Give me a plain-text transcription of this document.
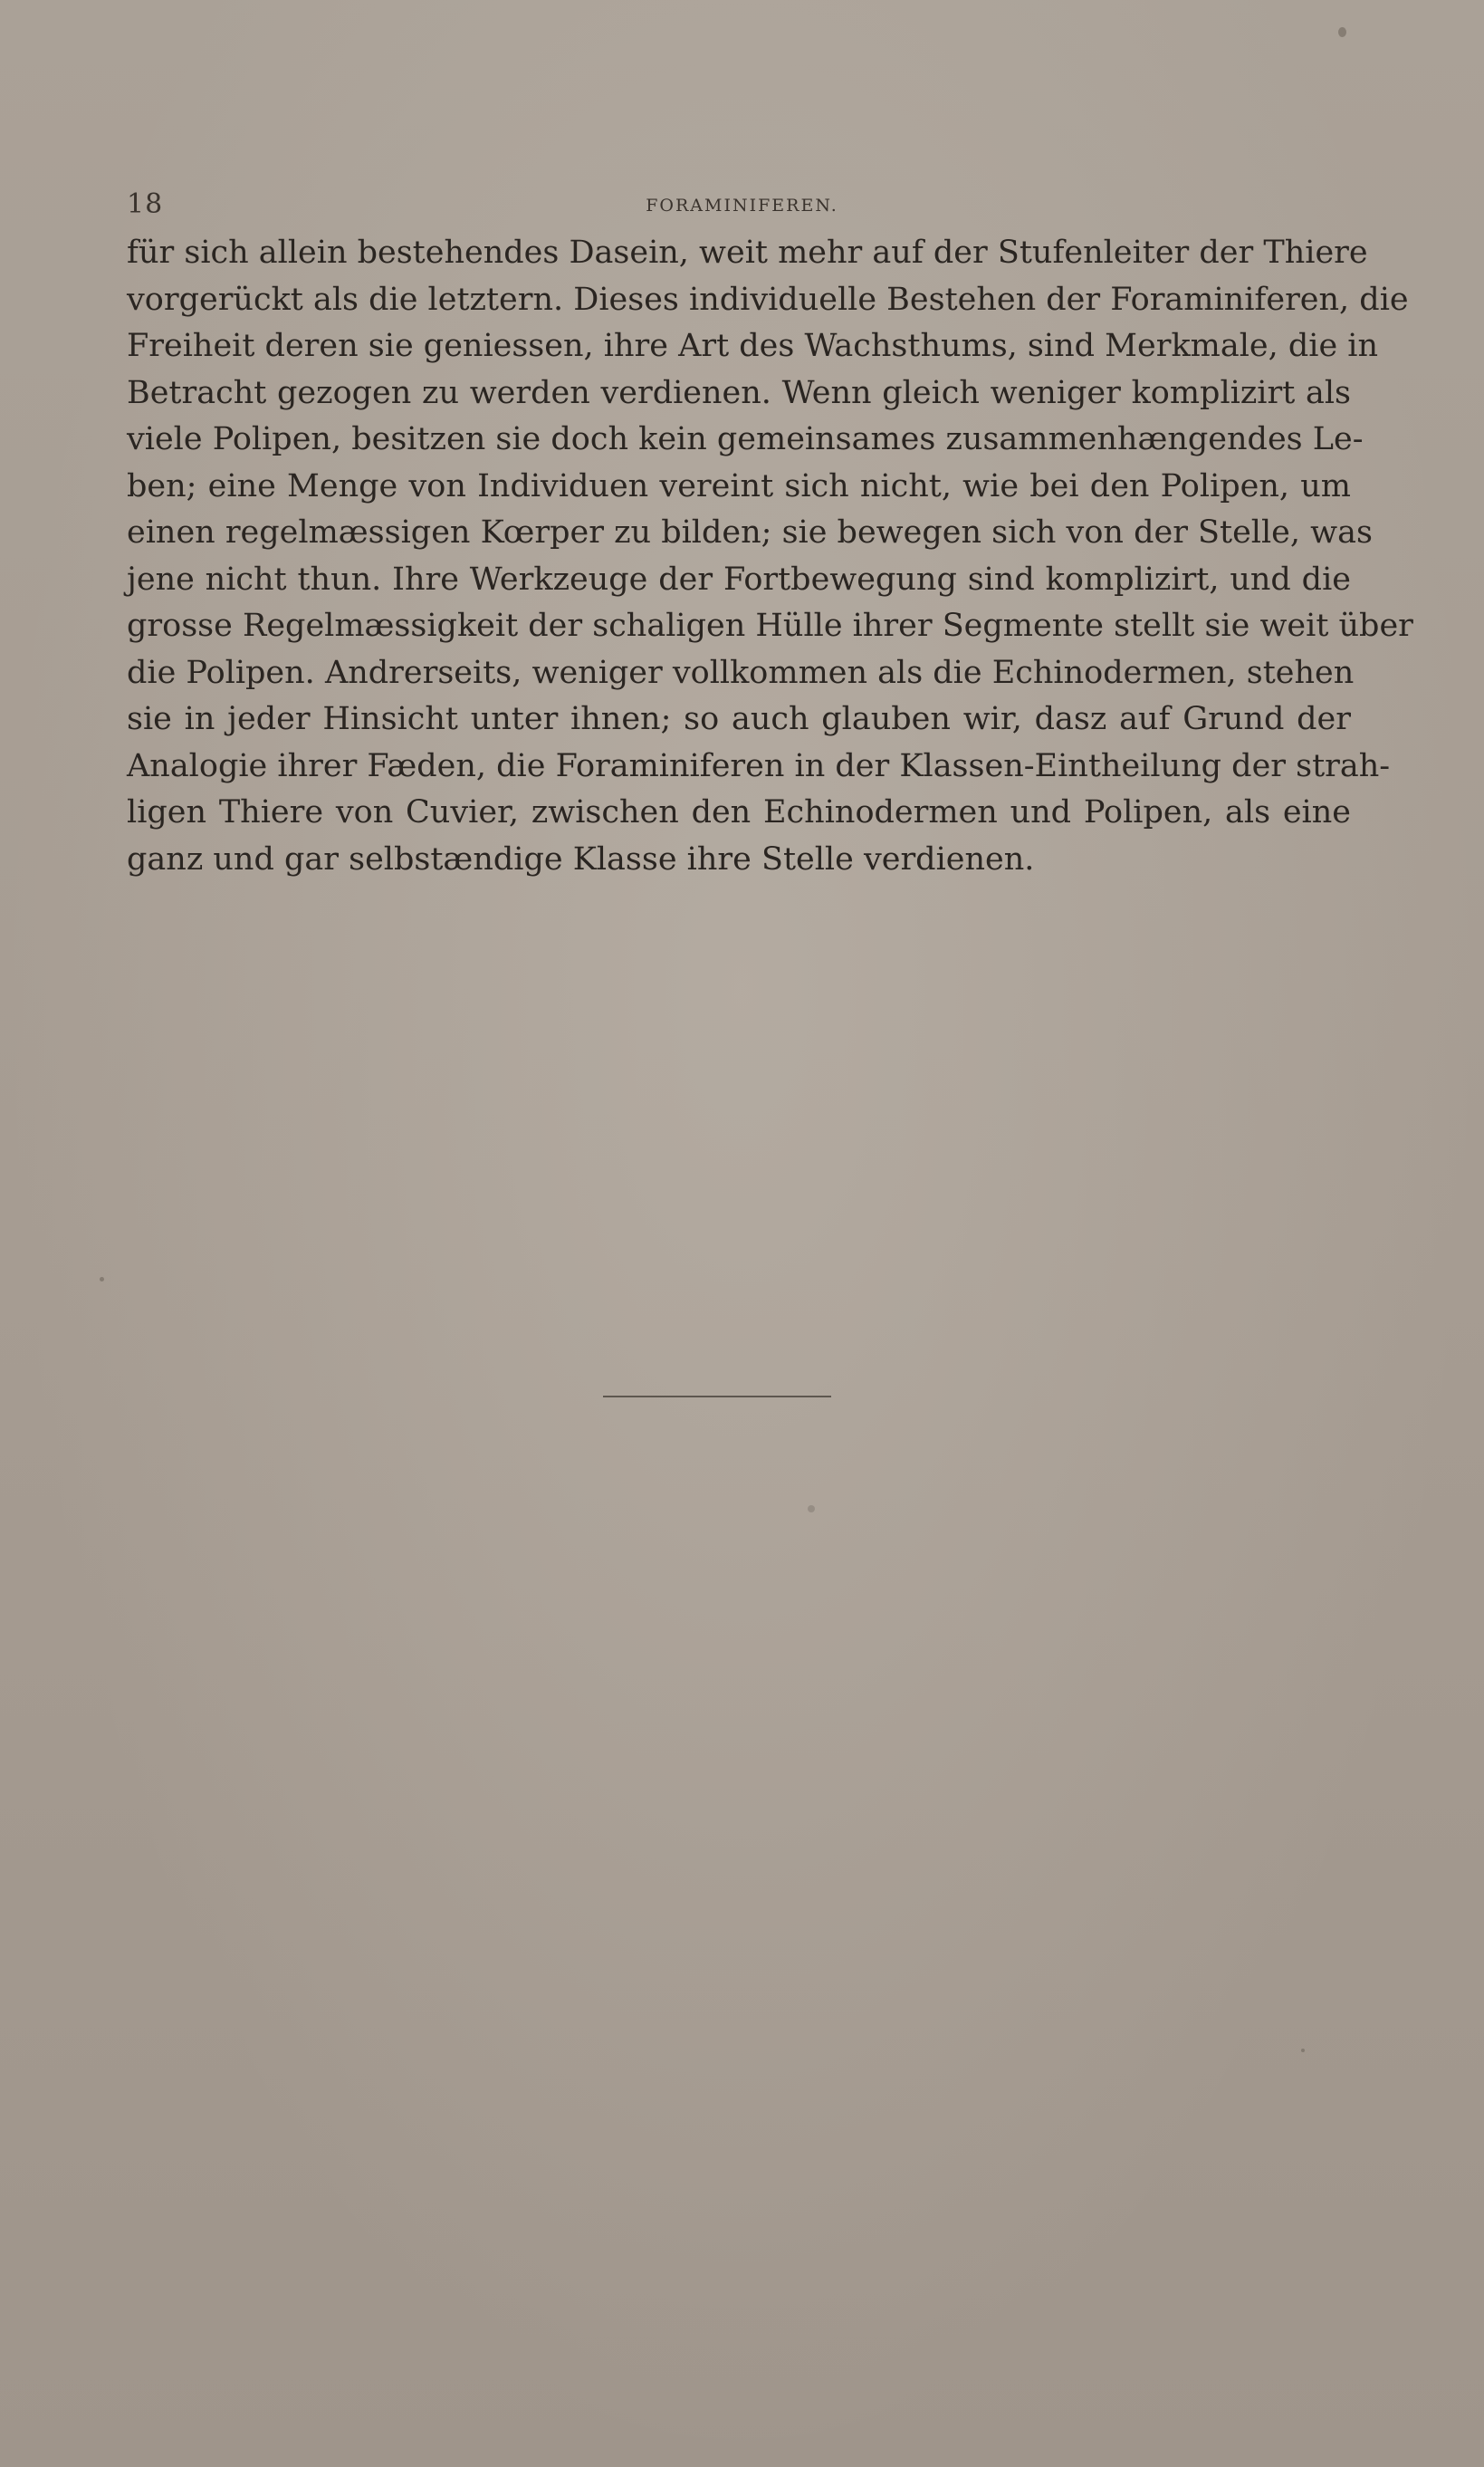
18	FORAMINIFEREN.
für sich allein bestehendes Dasein, weit mehr auf der Stufenleiter der Thiere
vorgerückt als die letztern. Dieses individuelle Bestehen der Foraminiferen, die
Freiheit deren sie geniessen, ihre Art des Wachsthums, sind Merkmale, die in
Betracht gezogen zu werden verdienen. Wenn gleich weniger komplizirt als
viele Polipen, besitzen sie doch kein gemeinsames zusammenhængendes Le-
ben; eine Menge von Individuen vereint sich nicht, wie bei den Polipen, um
einen regelmæssigen Kœrper zu bilden; sie bewegen sich von der Stelle, was
jene nicht thun. Ihre Werkzeuge der Fortbewegung sind komplizirt, und die
grosse Regelmæssigkeit der schaligen Hülle ihrer Segmente stellt sie weit über
die Polipen. Andrerseits, weniger vollkommen als die Echinodermen, stehen
sie in jeder Hinsicht unter ihnen; so auch glauben wir, dasz auf Grund der
Analogie ihrer Fæden, die Foraminiferen in der Klassen-Eintheilung der strah-
ligen Thiere von Cuvier, zwischen den Echinodermen und Polipen, als eine
ganz und gar selbstændige Klasse ihre Stelle verdienen.
